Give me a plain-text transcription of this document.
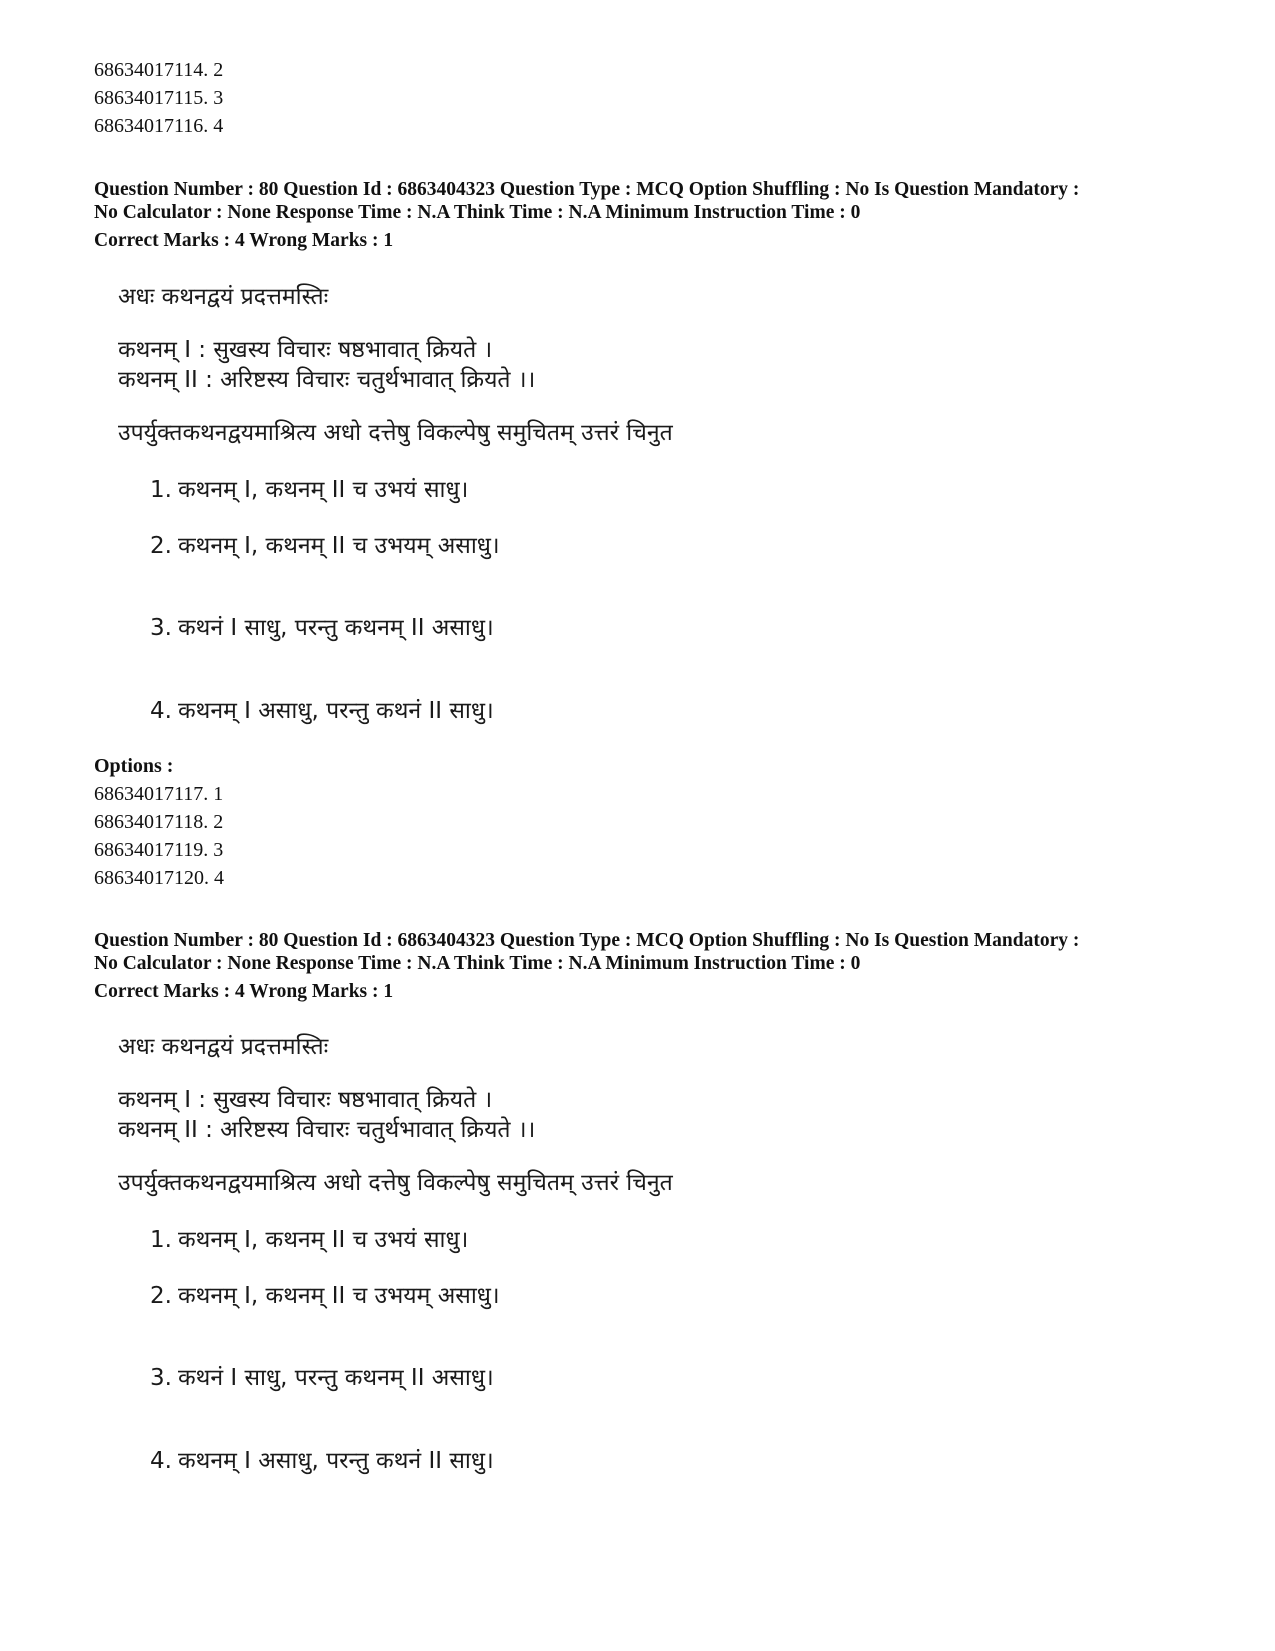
68634017114. 2
68634017115. 3
68634017116. 4
Question Number : 80 Question Id : 6863404323 Question Type : MCQ Option Shuffling : No Is Question Mandatory :
No Calculator : None Response Time : N.A Think Time : N.A Minimum Instruction Time : 0
Correct Marks : 4 Wrong Marks : 1
अधः कथनद्वयं प्रदत्तमस्तिः
कथनम् I : सुखस्य विचारः षष्ठभावात् क्रियते ।
कथनम् II : अरिष्टस्य विचारः चतुर्थभावात् क्रियते ।।
उपर्युक्तकथनद्वयमाश्रित्य अधो दत्तेषु विकल्पेषु समुचितम् उत्तरं चिनुत
1. कथनम् I, कथनम् II च उभयं साधु।
2. कथनम् I, कथनम् II च उभयम् असाधु।
3. कथनं I साधु, परन्तु कथनम् II असाधु।
4. कथनम् I असाधु, परन्तु कथनं II साधु।
Options :
68634017117. 1
68634017118. 2
68634017119. 3
68634017120. 4
Question Number : 80 Question Id : 6863404323 Question Type : MCQ Option Shuffling : No Is Question Mandatory :
No Calculator : None Response Time : N.A Think Time : N.A Minimum Instruction Time : 0
Correct Marks : 4 Wrong Marks : 1
अधः कथनद्वयं प्रदत्तमस्तिः
कथनम् I : सुखस्य विचारः षष्ठभावात् क्रियते ।
कथनम् II : अरिष्टस्य विचारः चतुर्थभावात् क्रियते ।।
उपर्युक्तकथनद्वयमाश्रित्य अधो दत्तेषु विकल्पेषु समुचितम् उत्तरं चिनुत
1. कथनम् I, कथनम् II च उभयं साधु।
2. कथनम् I, कथनम् II च उभयम् असाधु।
3. कथनं I साधु, परन्तु कथनम् II असाधु।
4. कथनम् I असाधु, परन्तु कथनं II साधु।
